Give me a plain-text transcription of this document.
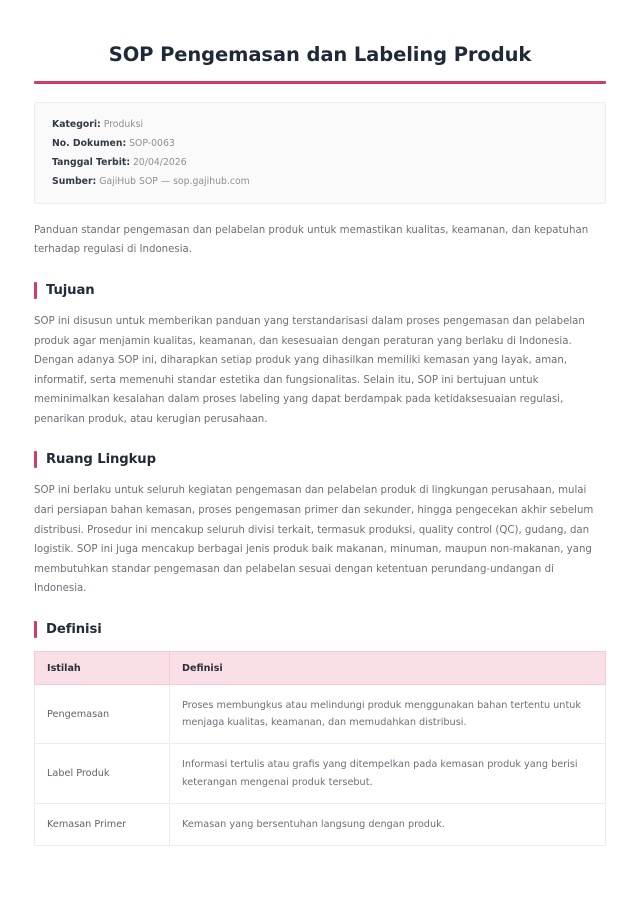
SOP Pengemasan dan Labeling Produk
Kategori: Produksi
No. Dokumen: SOP-0063
Tanggal Terbit: 20/04/2026
Sumber: GajiHub SOP — sop.gajihub.com

Panduan standar pengemasan dan pelabelan produk untuk memastikan kualitas, keamanan, dan kepatuhan terhadap regulasi di Indonesia.

Tujuan

SOP ini disusun untuk memberikan panduan yang terstandarisasi dalam proses pengemasan dan pelabelan produk agar menjamin kualitas, keamanan, dan kesesuaian dengan peraturan yang berlaku di Indonesia. Dengan adanya SOP ini, diharapkan setiap produk yang dihasilkan memiliki kemasan yang layak, aman, informatif, serta memenuhi standar estetika dan fungsionalitas. Selain itu, SOP ini bertujuan untuk meminimalkan kesalahan dalam proses labeling yang dapat berdampak pada ketidaksesuaian regulasi, penarikan produk, atau kerugian perusahaan.

Ruang Lingkup

SOP ini berlaku untuk seluruh kegiatan pengemasan dan pelabelan produk di lingkungan perusahaan, mulai dari persiapan bahan kemasan, proses pengemasan primer dan sekunder, hingga pengecekan akhir sebelum distribusi. Prosedur ini mencakup seluruh divisi terkait, termasuk produksi, quality control (QC), gudang, dan logistik. SOP ini juga mencakup berbagai jenis produk baik makanan, minuman, maupun non-makanan, yang membutuhkan standar pengemasan dan pelabelan sesuai dengan ketentuan perundang-undangan di Indonesia.

Definisi
Istilah	Definisi
Pengemasan	Proses membungkus atau melindungi produk menggunakan bahan tertentu untuk menjaga kualitas, keamanan, dan memudahkan distribusi.
Label Produk	Informasi tertulis atau grafis yang ditempelkan pada kemasan produk yang berisi keterangan mengenai produk tersebut.
Kemasan Primer	Kemasan yang bersentuhan langsung dengan produk.
